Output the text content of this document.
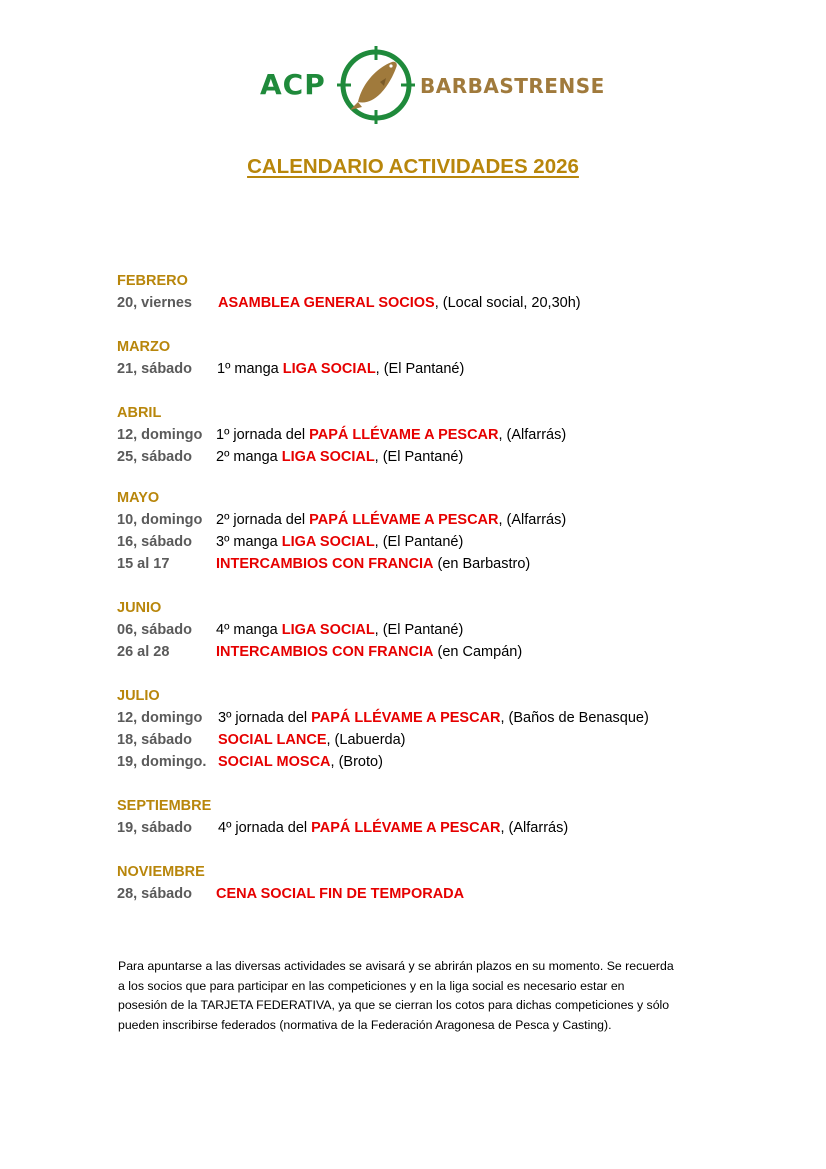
ACP	BARBASTRENSE
CALENDARIO ACTIVIDADES 2026
FEBRERO
20, viernes ASAMBLEA GENERAL SOCIOS, (Local social, 20,30h)
MARZO
21, sábado 1º manga LIGA SOCIAL, (El Pantané)
ABRIL
12, domingo 1º jornada del PAPÁ LLÉVAME A PESCAR, (Alfarrás)
25, sábado 2º manga LIGA SOCIAL, (El Pantané)
MAYO
10, domingo 2º jornada del PAPÁ LLÉVAME A PESCAR, (Alfarrás)
16, sábado 3º manga LIGA SOCIAL, (El Pantané)
15 al 17	INTERCAMBIOS CON FRANCIA (en Barbastro)
JUNIO
06, sábado 4º manga LIGA SOCIAL, (El Pantané)
26 al 28	INTERCAMBIOS CON FRANCIA (en Campán)
JULIO
12, domingo 3º jornada del PAPÁ LLÉVAME A PESCAR, (Baños de Benasque)
18, sábado SOCIAL LANCE, (Labuerda)
19, domingo. SOCIAL MOSCA, (Broto)
SEPTIEMBRE
19, sábado 4º jornada del PAPÁ LLÉVAME A PESCAR, (Alfarrás)
NOVIEMBRE
28, sábado CENA SOCIAL FIN DE TEMPORADA
Para apuntarse a las diversas actividades se avisará y se abrirán plazos en su momento. Se recuerda
a los socios que para participar en las competiciones y en la liga social es necesario estar en
posesión de la TARJETA FEDERATIVA, ya que se cierran los cotos para dichas competiciones y sólo
pueden inscribirse federados (normativa de la Federación Aragonesa de Pesca y Casting).
